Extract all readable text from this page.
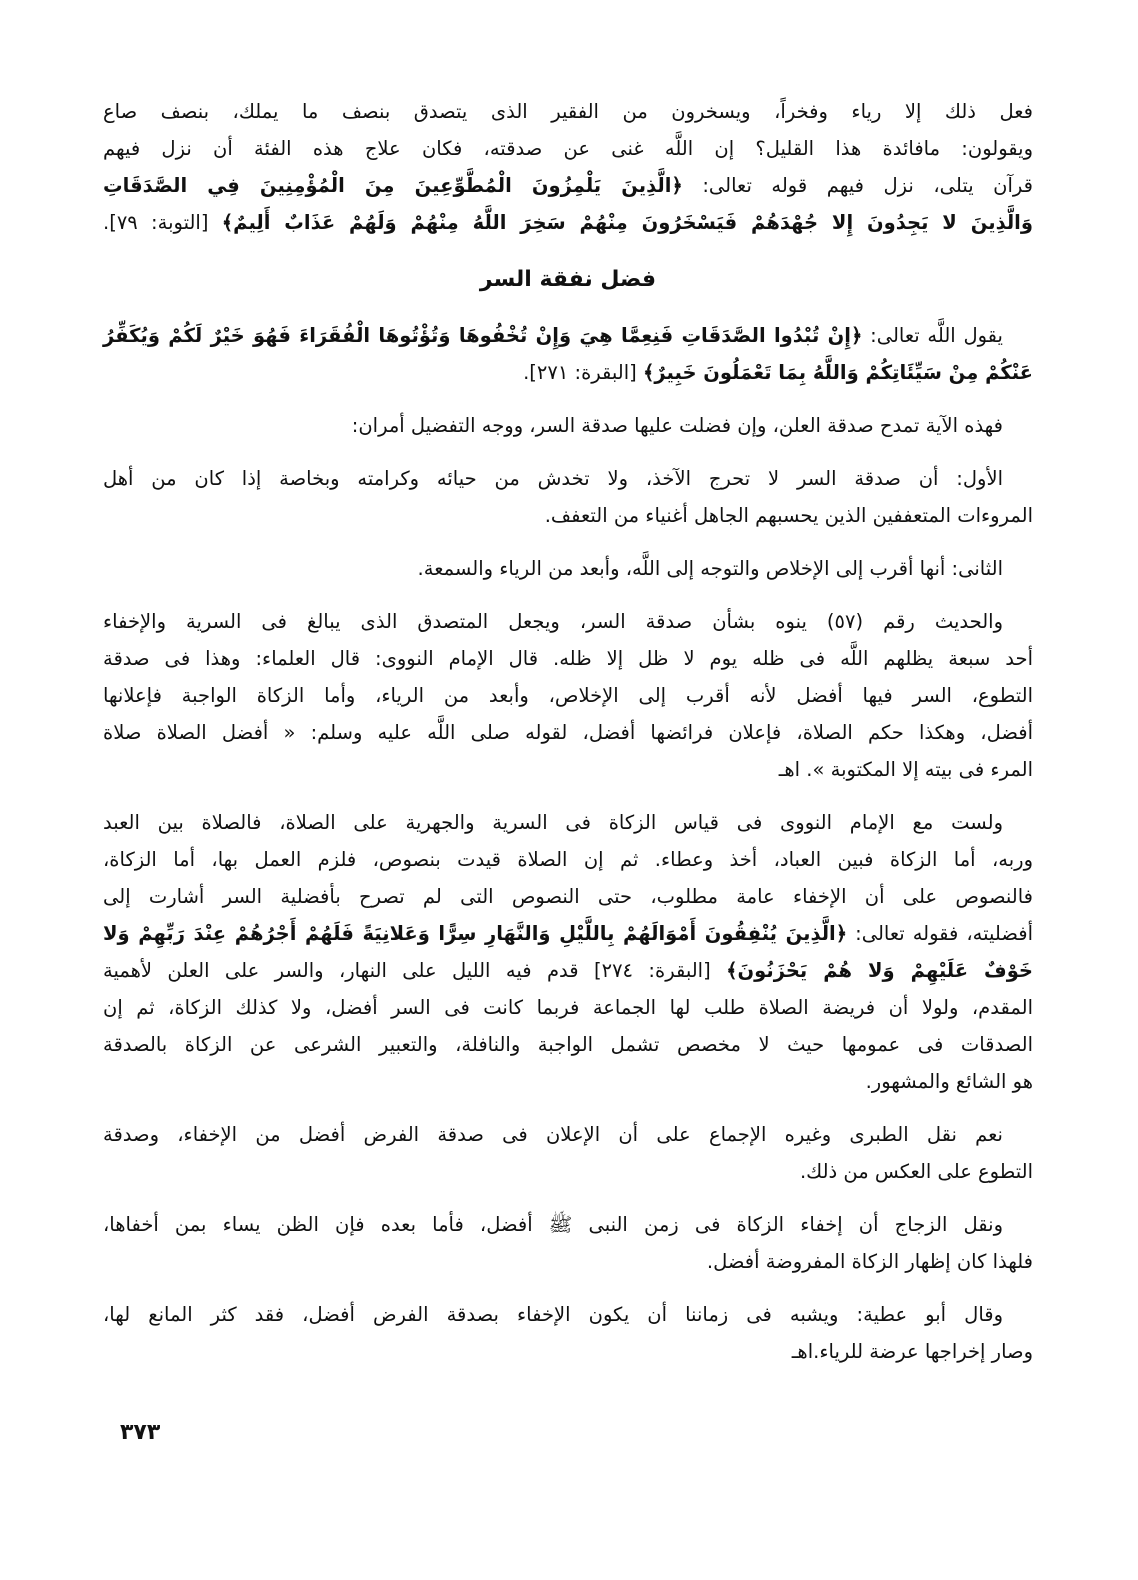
فعل ذلك إلا رياء وفخراً، ويسخرون من الفقير الذى يتصدق بنصف ما يملك، بنصف صاع
ويقولون: مافائدة هذا القليل؟ إن اللَّه غنى عن صدقته، فكان علاج هذه الفئة أن نزل فيهم
قرآن يتلى، نزل فيهم قوله تعالى: ﴿الَّذِينَ يَلْمِزُونَ الْمُطَّوِّعِينَ مِنَ الْمُؤْمِنِينَ فِي الصَّدَقَاتِ
وَالَّذِينَ لا يَجِدُونَ إِلا جُهْدَهُمْ فَيَسْخَرُونَ مِنْهُمْ سَخِرَ اللَّهُ مِنْهُمْ وَلَهُمْ عَذَابٌ أَلِيمٌ﴾ [التوبة: ٧٩].
فضل نفقة السر
يقول اللَّه تعالى: ﴿إِنْ تُبْدُوا الصَّدَقَاتِ فَنِعِمَّا هِيَ وَإِنْ تُخْفُوهَا وَتُؤْتُوهَا الْفُقَرَاءَ فَهُوَ خَيْرٌ لَكُمْ وَيُكَفِّرُ
عَنْكُمْ مِنْ سَيِّئَاتِكُمْ وَاللَّهُ بِمَا تَعْمَلُونَ خَبِيرٌ﴾ [البقرة: ٢٧١].
فهذه الآية تمدح صدقة العلن، وإن فضلت عليها صدقة السر، ووجه التفضيل أمران:
الأول: أن صدقة السر لا تحرج الآخذ، ولا تخدش من حيائه وكرامته وبخاصة إذا كان من أهل
المروءات المتعففين الذين يحسبهم الجاهل أغنياء من التعفف.
الثانى: أنها أقرب إلى الإخلاص والتوجه إلى اللَّه، وأبعد من الرياء والسمعة.
والحديث رقم (٥٧) ينوه بشأن صدقة السر، ويجعل المتصدق الذى يبالغ فى السرية والإخفاء
أحد سبعة يظلهم اللَّه فى ظله يوم لا ظل إلا ظله. قال الإمام النووى: قال العلماء: وهذا فى صدقة
التطوع، السر فيها أفضل لأنه أقرب إلى الإخلاص، وأبعد من الرياء، وأما الزكاة الواجبة فإعلانها
أفضل، وهكذا حكم الصلاة، فإعلان فرائضها أفضل، لقوله صلى اللَّه عليه وسلم: « أفضل الصلاة صلاة
المرء فى بيته إلا المكتوبة ». اهـ
ولست مع الإمام النووى فى قياس الزكاة فى السرية والجهرية على الصلاة، فالصلاة بين العبد
وربه، أما الزكاة فبين العباد، أخذ وعطاء. ثم إن الصلاة قيدت بنصوص، فلزم العمل بها، أما الزكاة،
فالنصوص على أن الإخفاء عامة مطلوب، حتى النصوص التى لم تصرح بأفضلية السر أشارت إلى
أفضليته، فقوله تعالى: ﴿الَّذِينَ يُنْفِقُونَ أَمْوَالَهُمْ بِاللَّيْلِ وَالنَّهَارِ سِرًّا وَعَلانِيَةً فَلَهُمْ أَجْرُهُمْ عِنْدَ رَبِّهِمْ وَلا
خَوْفٌ عَلَيْهِمْ وَلا هُمْ يَحْزَنُونَ﴾ [البقرة: ٢٧٤] قدم فيه الليل على النهار، والسر على العلن لأهمية
المقدم، ولولا أن فريضة الصلاة طلب لها الجماعة فربما كانت فى السر أفضل، ولا كذلك الزكاة، ثم إن
الصدقات فى عمومها حيث لا مخصص تشمل الواجبة والنافلة، والتعبير الشرعى عن الزكاة بالصدقة
هو الشائع والمشهور.
نعم نقل الطبرى وغيره الإجماع على أن الإعلان فى صدقة الفرض أفضل من الإخفاء، وصدقة
التطوع على العكس من ذلك.
ونقل الزجاج أن إخفاء الزكاة فى زمن النبى ﷺ أفضل، فأما بعده فإن الظن يساء بمن أخفاها،
فلهذا كان إظهار الزكاة المفروضة أفضل.
وقال أبو عطية: ويشبه فى زماننا أن يكون الإخفاء بصدقة الفرض أفضل، فقد كثر المانع لها،
وصار إخراجها عرضة للرياء.اهـ
٣٧٣
